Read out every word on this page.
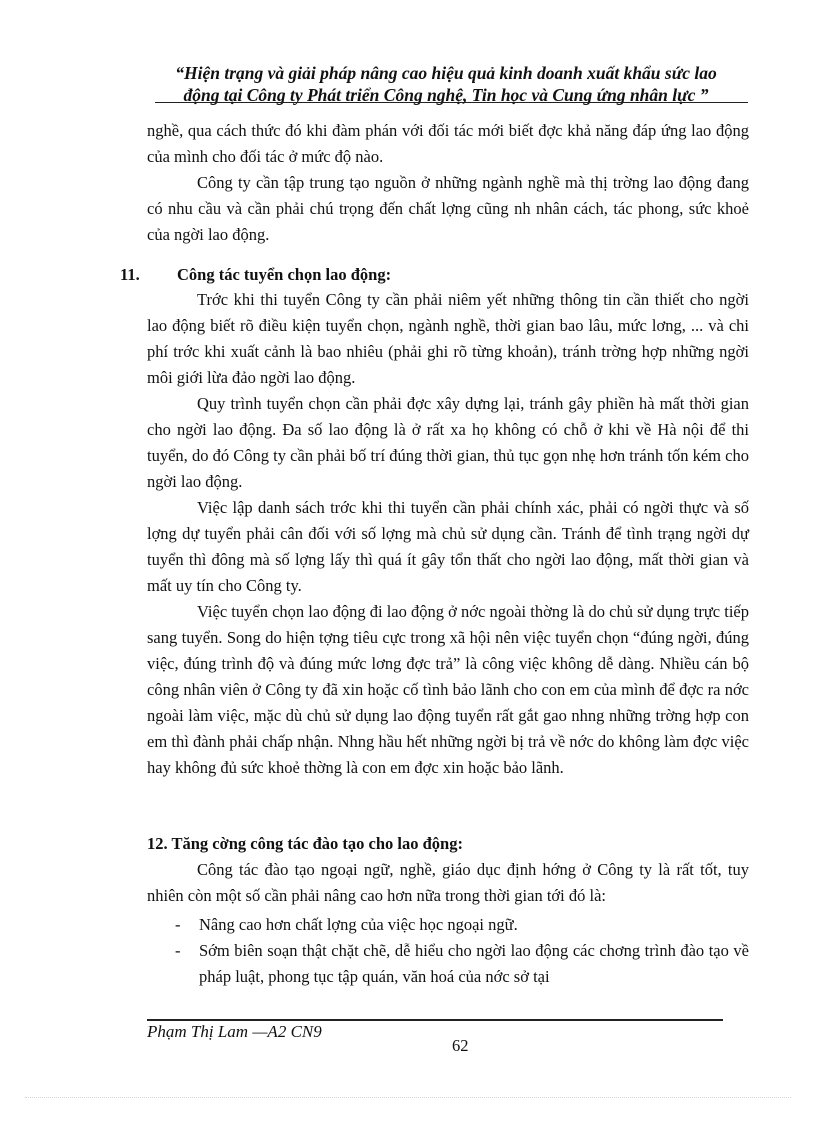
“Hiện trạng và giải pháp nâng cao hiệu quả kinh doanh xuất khẩu sức lao
động tại Công ty Phát triển Công nghệ, Tin học và Cung ứng nhân lực ”

nghề, qua cách thức đó khi đàm phán với đối tác mới biết đợc khả năng đáp ứng lao động của mình cho đối tác ở mức độ nào.

Công ty cần tập trung tạo nguồn ở những ngành nghề mà thị trờng lao động đang có nhu cầu và cần phải chú trọng đến chất lợng cũng nh nhân cách, tác phong, sức khoẻ của ngời lao động.

11. Công tác tuyển chọn lao động:

Trớc khi thi tuyển Công ty cần phải niêm yết những thông tin cần thiết cho ngời lao động biết rõ điều kiện tuyển chọn, ngành nghề, thời gian bao lâu, mức lơng, ... và chi phí trớc khi xuất cảnh là bao nhiêu (phải ghi rõ từng khoản), tránh trờng hợp những ngời môi giới lừa đảo ngời lao động.

Quy trình tuyển chọn cần phải đợc xây dựng lại, tránh gây phiền hà mất thời gian cho ngời lao động. Đa số lao động là ở rất xa họ không có chỗ ở khi về Hà nội để thi tuyển, do đó Công ty cần phải bố trí đúng thời gian, thủ tục gọn nhẹ hơn tránh tốn kém cho ngời lao động.

Việc lập danh sách trớc khi thi tuyển cần phải chính xác, phải có ngời thực và số lợng dự tuyển phải cân đối với số lợng mà chủ sử dụng cần. Tránh để tình trạng ngời dự tuyển thì đông mà số lợng lấy thì quá ít gây tổn thất cho ngời lao động, mất thời gian và mất uy tín cho Công ty.

Việc tuyển chọn lao động đi lao động ở nớc ngoài thờng là do chủ sử dụng trực tiếp sang tuyển. Song do hiện tợng tiêu cực trong xã hội nên việc tuyển chọn “đúng ngời, đúng việc, đúng trình độ và đúng mức lơng đợc trả” là công việc không dễ dàng. Nhiều cán bộ công nhân viên ở Công ty đã xin hoặc cố tình bảo lãnh cho con em của mình để đợc ra nớc ngoài làm việc, mặc dù chủ sử dụng lao động tuyển rất gắt gao nhng những trờng hợp con em thì đành phải chấp nhận. Nhng hầu hết những ngời bị trả về nớc do không làm đợc việc hay không đủ sức khoẻ thờng là con em đợc xin hoặc bảo lãnh.

12. Tăng cờng công tác đào tạo cho lao động:

Công tác đào tạo ngoại ngữ, nghề, giáo dục định hớng ở Công ty là rất tốt, tuy nhiên còn một số cần phải nâng cao hơn nữa trong thời gian tới đó là:

- Nâng cao hơn chất lợng của việc học ngoại ngữ.

- Sớm biên soạn thật chặt chẽ, dễ hiểu cho ngời lao động các chơng trình đào tạo về pháp luật, phong tục tập quán, văn hoá của nớc sở tại

Phạm Thị Lam —A2 CN9
62
